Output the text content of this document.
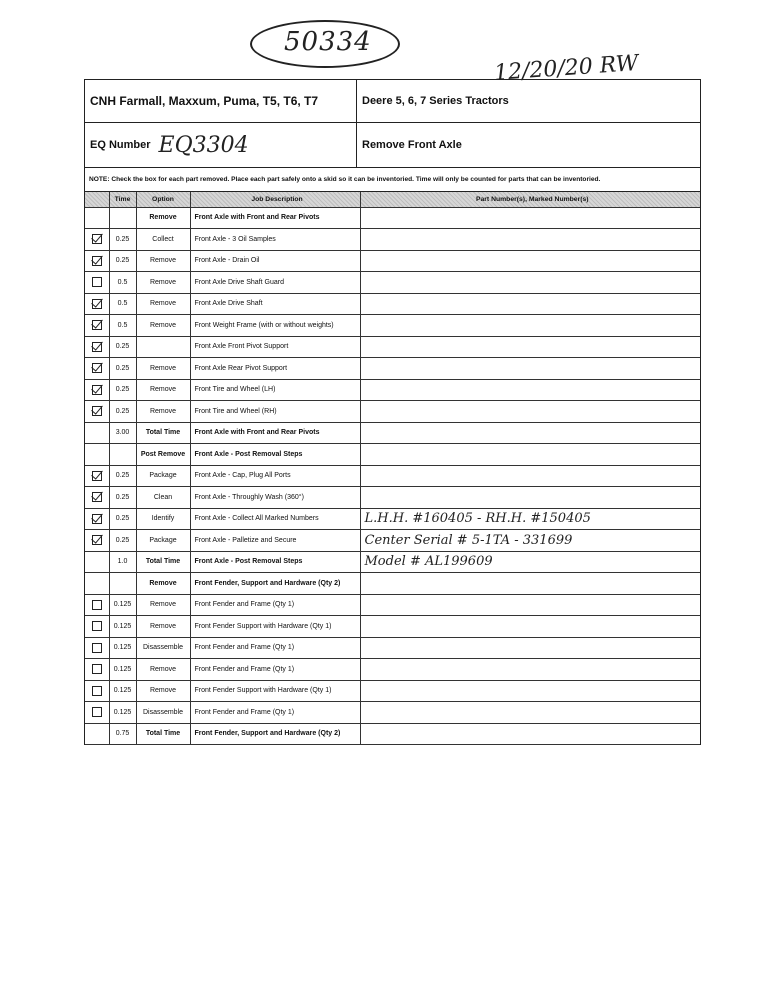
50334
12/20/20 RW
CNH Farmall, Maxxum, Puma, T5, T6, T7	Deere 5, 6, 7 Series Tractors
EQ Number EQ3304	Remove Front Axle
NOTE: Check the box for each part removed. Place each part safely onto a skid so it can be inventoried. Time will only be counted for parts that can be inventoried.
	Time	Option	Job Description	Part Number(s), Marked Number(s)
		Remove	Front Axle with Front and Rear Pivots	
	0.25	Collect	Front Axle - 3 Oil Samples	
	0.25	Remove	Front Axle - Drain Oil	
	0.5	Remove	Front Axle Drive Shaft Guard	
	0.5	Remove	Front Axle Drive Shaft	
	0.5	Remove	Front Weight Frame (with or without weights)	
	0.25		Front Axle Front Pivot Support	
	0.25	Remove	Front Axle Rear Pivot Support	
	0.25	Remove	Front Tire and Wheel (LH)	
	0.25	Remove	Front Tire and Wheel (RH)	
	3.00	Total Time	Front Axle with Front and Rear Pivots	
		Post Remove	Front Axle - Post Removal Steps	
	0.25	Package	Front Axle - Cap, Plug All Ports	
	0.25	Clean	Front Axle - Throughly Wash (360°)	
	0.25	Identify	Front Axle - Collect All Marked Numbers	L.H.H. #160405 - RH.H. #150405
	0.25	Package	Front Axle - Palletize and Secure	Center Serial # 5-1TA - 331699
	1.0	Total Time	Front Axle - Post Removal Steps	Model # AL199609
		Remove	Front Fender, Support and Hardware (Qty 2)	
	0.125	Remove	Front Fender and Frame (Qty 1)	
	0.125	Remove	Front Fender Support with Hardware (Qty 1)	
	0.125	Disassemble	Front Fender and Frame (Qty 1)	
	0.125	Remove	Front Fender and Frame (Qty 1)	
	0.125	Remove	Front Fender Support with Hardware (Qty 1)	
	0.125	Disassemble	Front Fender and Frame (Qty 1)	
	0.75	Total Time	Front Fender, Support and Hardware (Qty 2)	
